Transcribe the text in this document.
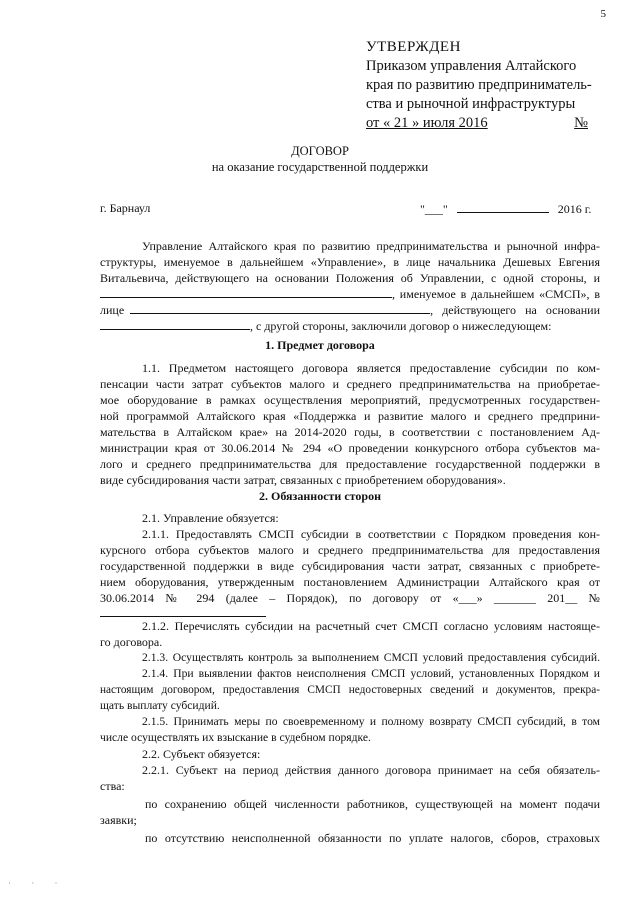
5
УТВЕРЖДЕН
Приказом управления Алтайского
края по развитию предприниматель-
ства и рыночной инфраструктуры
от « 21 » июля 2016	№
ДОГОВОР
на оказание государственной поддержки
г. Барнаул	"___"	2016 г.
Управление Алтайского края по развитию предпринимательства и рыночной инфра-
структуры, именуемое в дальнейшем «Управление», в лице начальника Дешевых Евгения
Витальевича, действующего на основании Положения об Управлении, с одной стороны, и
, именуемое в дальнейшем «СМСП», в
лице	, действующего на основании
, с другой стороны, заключили договор о нижеследующем:
1. Предмет договора
1.1. Предметом настоящего договора является предоставление субсидии по ком-
пенсации части затрат субъектов малого и среднего предпринимательства на приобретае-
мое оборудование в рамках осуществления мероприятий, предусмотренных государствен-
ной программой Алтайского края «Поддержка и развитие малого и среднего предприни-
мательства в Алтайском крае» на 2014-2020 годы, в соответствии с постановлением Ад-
министрации края от 30.06.2014 № 294 «О проведении конкурсного отбора субъектов ма-
лого и среднего предпринимательства для предоставление государственной поддержки в
виде субсидирования части затрат, связанных с приобретением оборудования».
2. Обязанности сторон
2.1. Управление обязуется:
2.1.1. Предоставлять СМСП субсидии в соответствии с Порядком проведения кон-
курсного отбора субъектов малого и среднего предпринимательства для предоставления
государственной поддержки в виде субсидирования части затрат, связанных с приобрете-
нием оборудования, утвержденным постановлением Администрации Алтайского края от
30.06.2014 № 294 (далее – Порядок), по договору от «___» _______ 201__ №
2.1.2. Перечислять субсидии на расчетный счет СМСП согласно условиям настояще-
го договора.
2.1.3. Осуществлять контроль за выполнением СМСП условий предоставления субсидий.
2.1.4. При выявлении фактов неисполнения СМСП условий, установленных Порядком и
настоящим договором, предоставления СМСП недостоверных сведений и документов, прекра-
щать выплату субсидий.
2.1.5. Принимать меры по своевременному и полному возврату СМСП субсидий, в том
числе осуществлять их взыскание в судебном порядке.
2.2. Субъект обязуется:
2.2.1. Субъект на период действия данного договора принимает на себя обязатель-
ства:
по сохранению общей численности работников, существующей на момент подачи
заявки;
по отсутствию неисполненной обязанности по уплате налогов, сборов, страховых
· · ·
